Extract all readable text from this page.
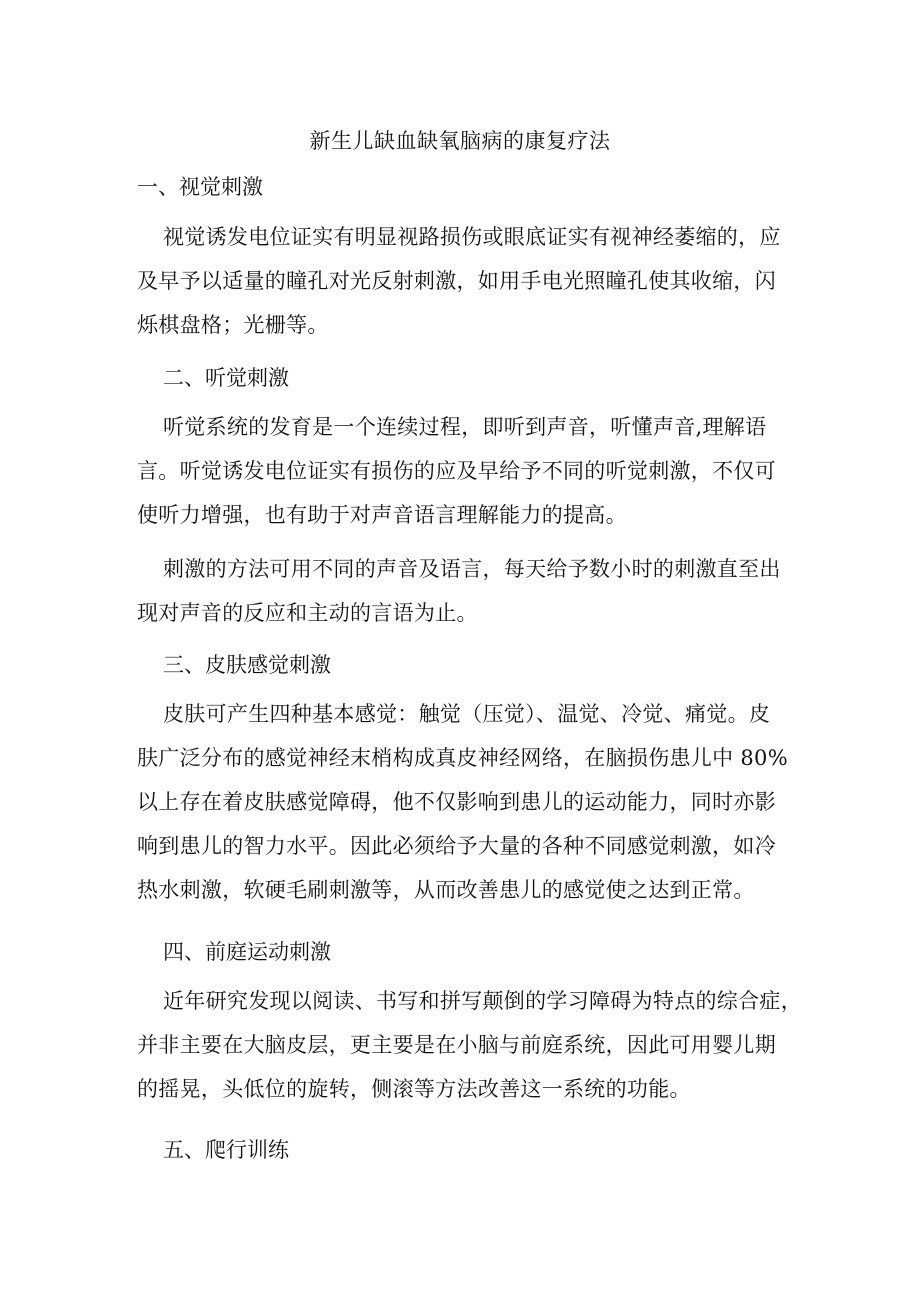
新生儿缺血缺氧脑病的康复疗法
一、视觉刺激
视觉诱发电位证实有明显视路损伤或眼底证实有视神经萎缩的，应
及早予以适量的瞳孔对光反射刺激，如用手电光照瞳孔使其收缩，闪
烁棋盘格；光栅等。
二、听觉刺激
听觉系统的发育是一个连续过程，即听到声音，听懂声音,理解语
言。听觉诱发电位证实有损伤的应及早给予不同的听觉刺激，不仅可
使听力增强，也有助于对声音语言理解能力的提高。
刺激的方法可用不同的声音及语言，每天给予数小时的刺激直至出
现对声音的反应和主动的言语为止。
三、皮肤感觉刺激
皮肤可产生四种基本感觉：触觉（压觉）、温觉、冷觉、痛觉。皮
肤广泛分布的感觉神经末梢构成真皮神经网络，在脑损伤患儿中 80%
以上存在着皮肤感觉障碍，他不仅影响到患儿的运动能力，同时亦影
响到患儿的智力水平。因此必须给予大量的各种不同感觉刺激，如冷
热水刺激，软硬毛刷刺激等，从而改善患儿的感觉使之达到正常。
四、前庭运动刺激
近年研究发现以阅读、书写和拼写颠倒的学习障碍为特点的综合症，
并非主要在大脑皮层，更主要是在小脑与前庭系统，因此可用婴儿期
的摇晃，头低位的旋转，侧滚等方法改善这一系统的功能。
五、爬行训练
